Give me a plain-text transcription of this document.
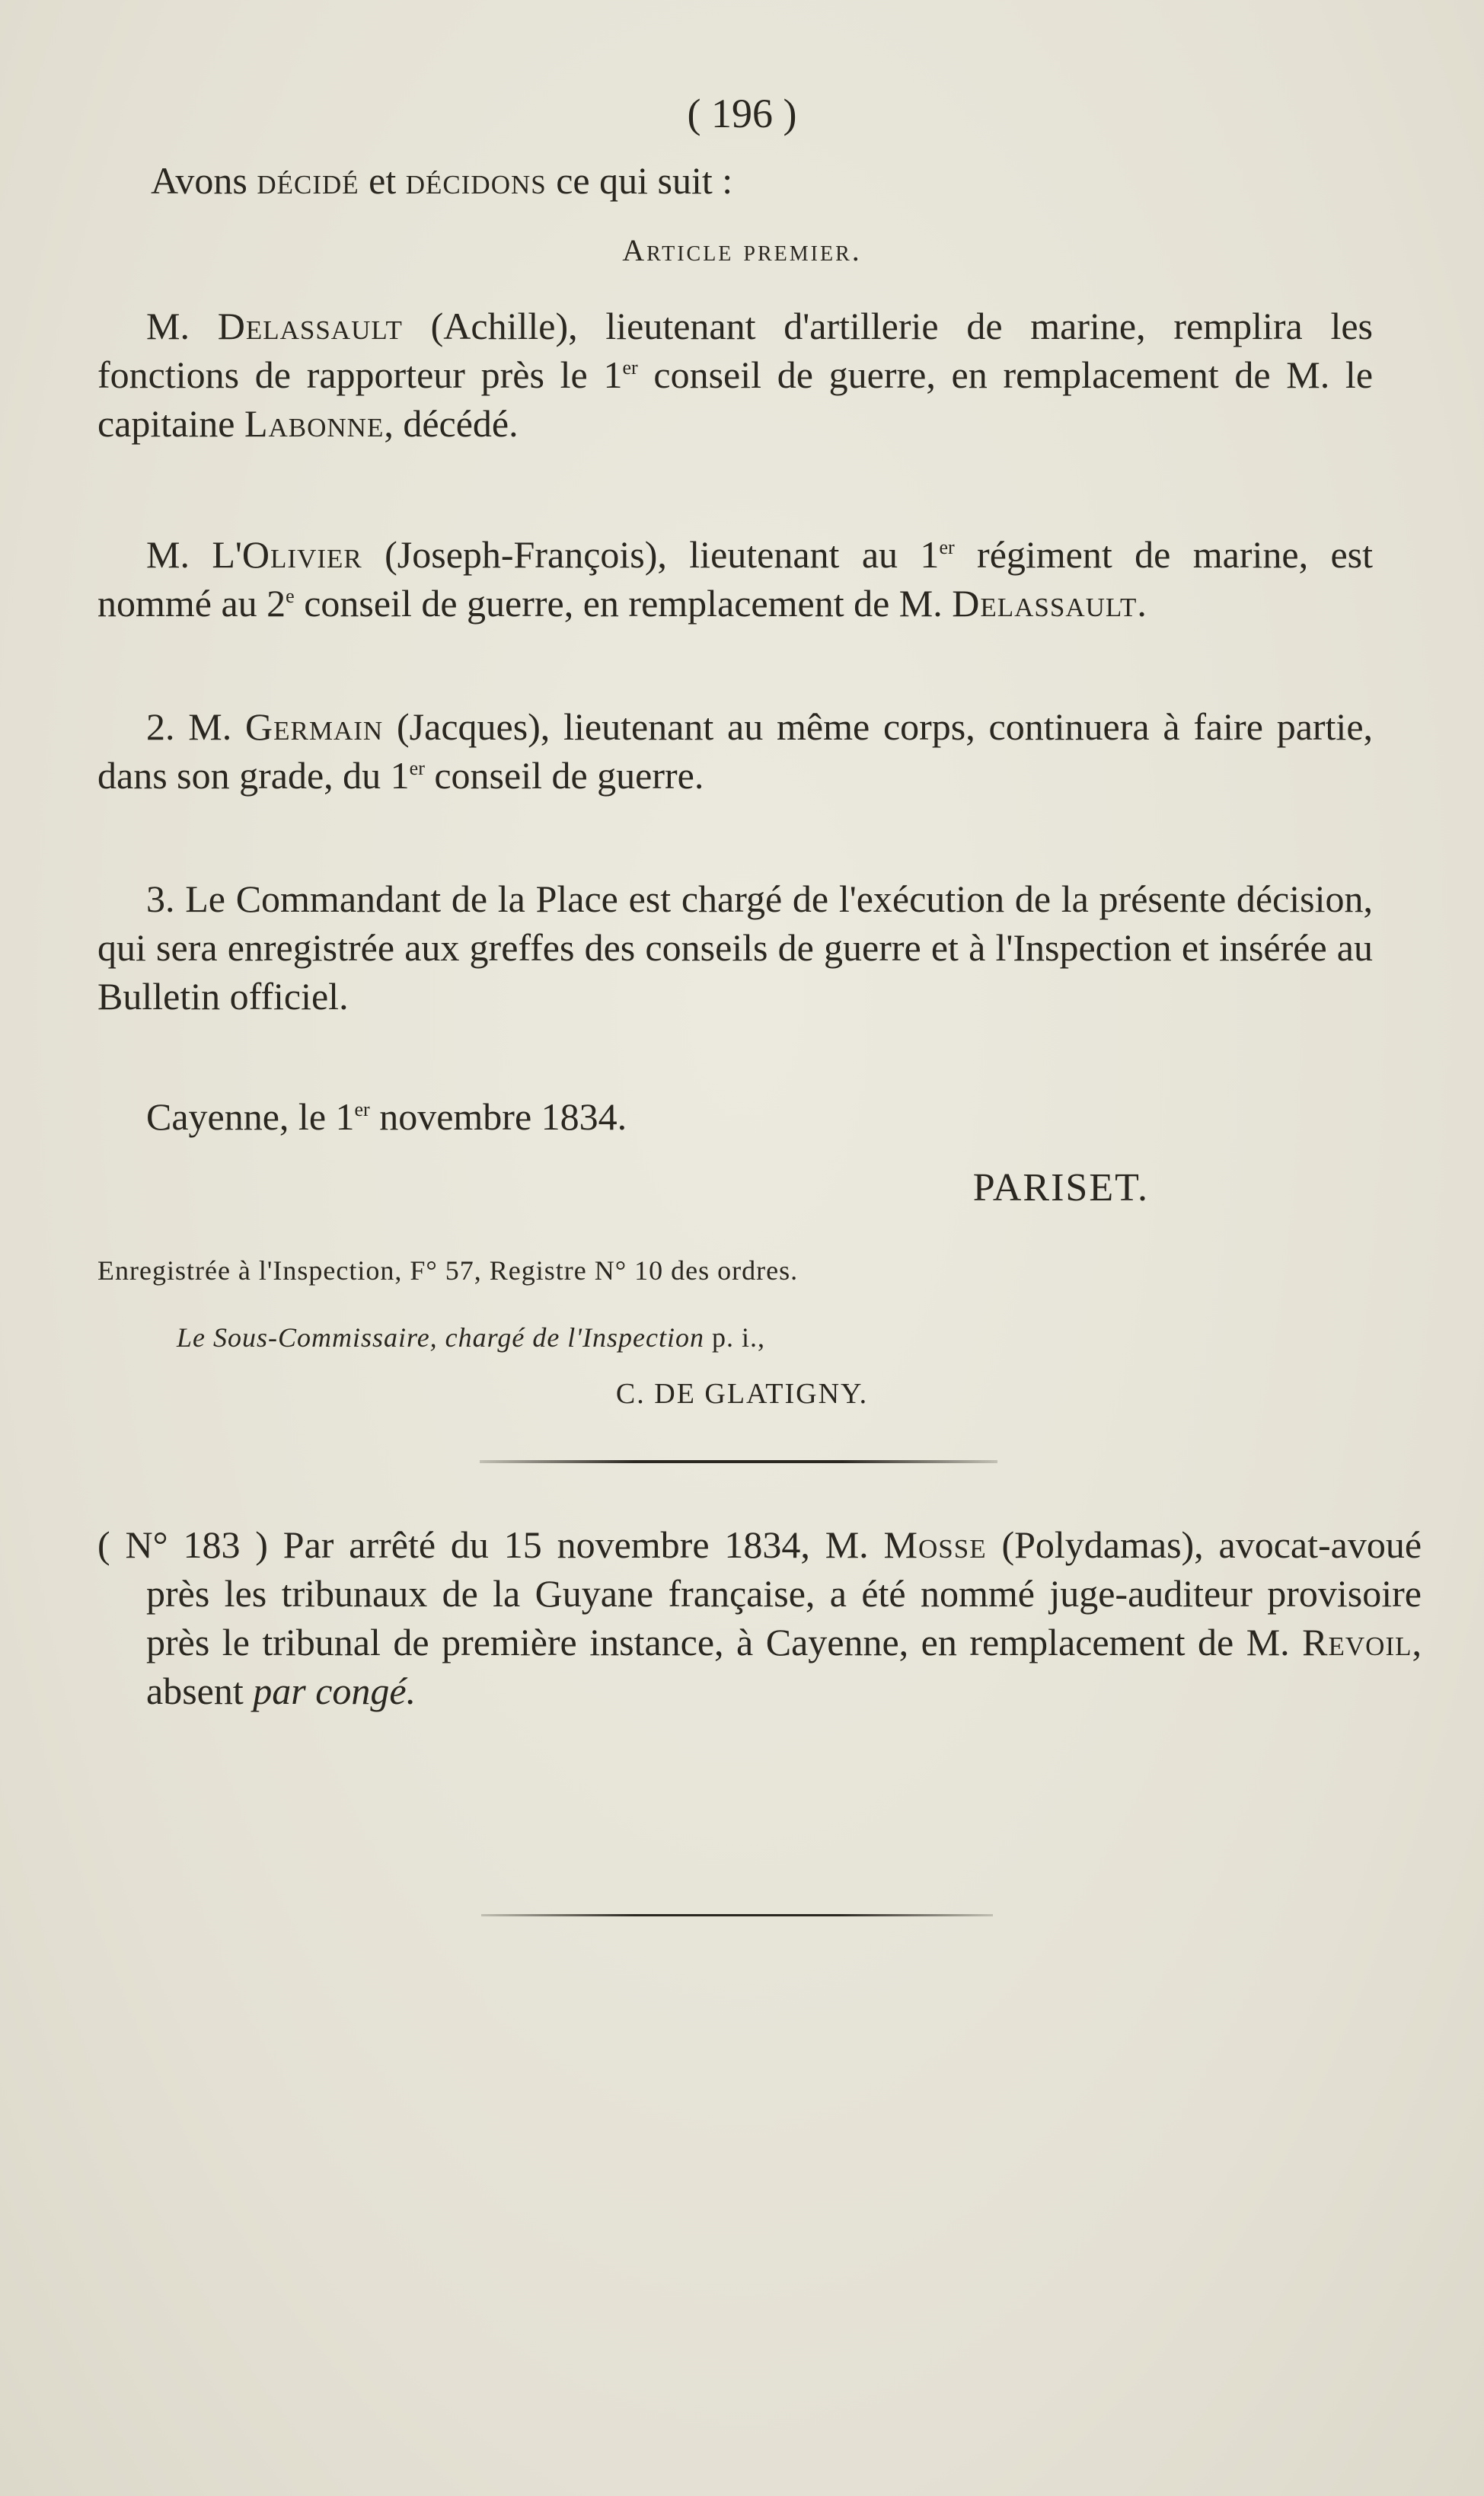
( 196 )
Avons décidé et décidons ce qui suit :
Article premier.
M. Delassault (Achille), lieutenant d'artillerie de marine, remplira les fonctions de rapporteur près le 1er conseil de guerre, en remplacement de M. le capitaine Labonne, décédé.
M. L'Olivier (Joseph-François), lieutenant au 1er régiment de marine, est nommé au 2e conseil de guerre, en remplacement de M. Delassault.
2. M. Germain (Jacques), lieutenant au même corps, continuera à faire partie, dans son grade, du 1er conseil de guerre.
3. Le Commandant de la Place est chargé de l'exécution de la présente décision, qui sera enregistrée aux greffes des conseils de guerre et à l'Inspection et insérée au Bulletin officiel.
Cayenne, le 1er novembre 1834.
PARISET.
Enregistrée à l'Inspection, F° 57, Registre N° 10 des ordres.
Le Sous-Commissaire, chargé de l'Inspection p. i.,
C. DE GLATIGNY.
( N° 183 ) Par arrêté du 15 novembre 1834, M. Mosse (Polydamas), avocat-avoué près les tribunaux de la Guyane française, a été nommé juge-auditeur provisoire près le tribunal de première instance, à Cayenne, en remplacement de M. Revoil, absent par congé.
